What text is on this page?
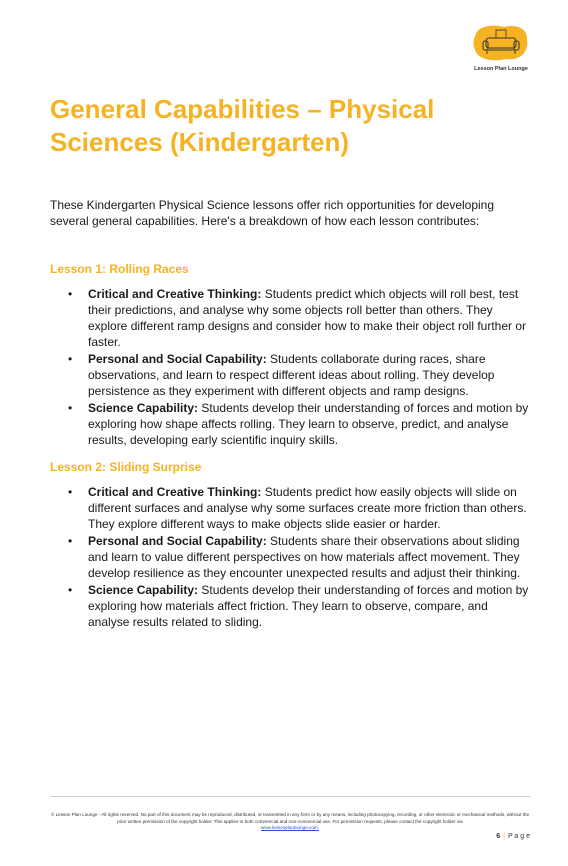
Lesson Plan Lounge
General Capabilities – Physical Sciences (Kindergarten)

These Kindergarten Physical Science lessons offer rich opportunities for developing several general capabilities. Here's a breakdown of how each lesson contributes:

Lesson 1: Rolling Races
• Critical and Creative Thinking: Students predict which objects will roll best, test their predictions, and analyse why some objects roll better than others. They explore different ramp designs and consider how to make their object roll further or faster.
• Personal and Social Capability: Students collaborate during races, share observations, and learn to respect different ideas about rolling. They develop persistence as they experiment with different objects and ramp designs.
• Science Capability: Students develop their understanding of forces and motion by exploring how shape affects rolling. They learn to observe, predict, and analyse results, developing early scientific inquiry skills.
Lesson 2: Sliding Surprise
• Critical and Creative Thinking: Students predict how easily objects will slide on different surfaces and analyse why some surfaces create more friction than others. They explore different ways to make objects slide easier or harder.
• Personal and Social Capability: Students share their observations about sliding and learn to value different perspectives on how materials affect movement. They develop resilience as they encounter unexpected results and adjust their thinking.
• Science Capability: Students develop their understanding of forces and motion by exploring how materials affect friction. They learn to observe, compare, and analyse results related to sliding.
© Lesson Plan Lounge - All rights reserved. No part of this document may be reproduced, distributed, or transmitted in any form or by any means, including photocopying, recording, or other electronic or mechanical methods, without the prior written permission of the copyright holder. This applies to both commercial and non-commercial use. For permission requests, please contact the copyright holder via
www.lessonplanlounge.com.
6 | P a g e
